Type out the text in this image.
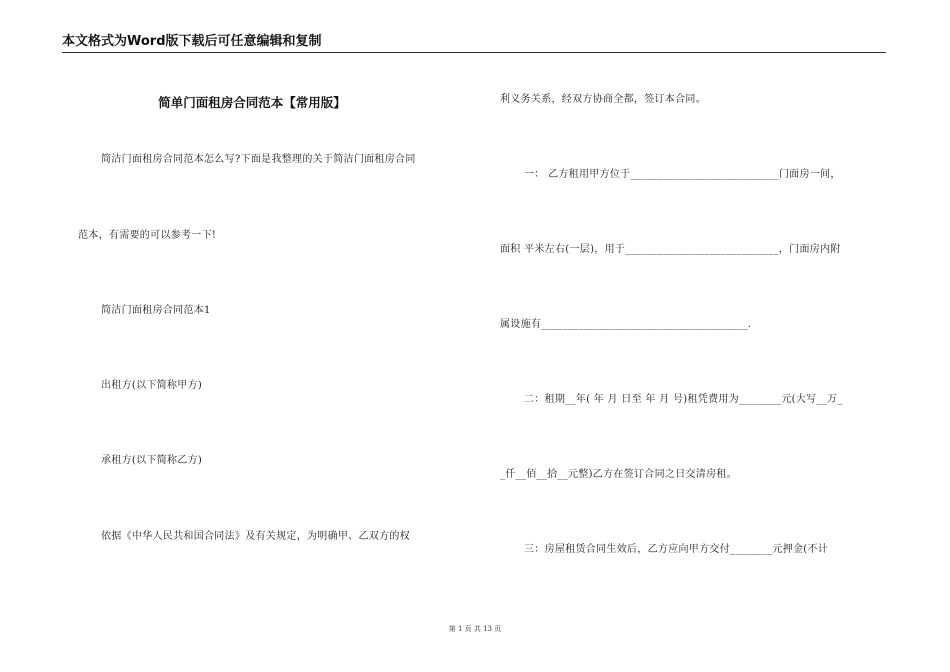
本文格式为Word版下载后可任意编辑和复制
简单门面租房合同范本【常用版】
简洁门面租房合同范本怎么写?下面是我整理的关于简洁门面租房合同
范本，有需要的可以参考一下!
简洁门面租房合同范本1
出租方(以下简称甲方)
承租方(以下简称乙方)
依据《中华人民共和国合同法》及有关规定，为明确甲、乙双方的权
利义务关系，经双方协商全都，签订本合同。
一： 乙方租用甲方位于____________________________门面房一间，
面积 平米左右(一层)，用于_____________________________，门面房内附
属设施有_______________________________________.
二：租期__年( 年 月 日至 年 月 号)租凭费用为________元(大写__万_
_仟__佰__拾__元整)乙方在签订合同之日交清房租。
三：房屋租赁合同生效后，乙方应向甲方交付________元押金(不计
第 1 页 共 13 页
